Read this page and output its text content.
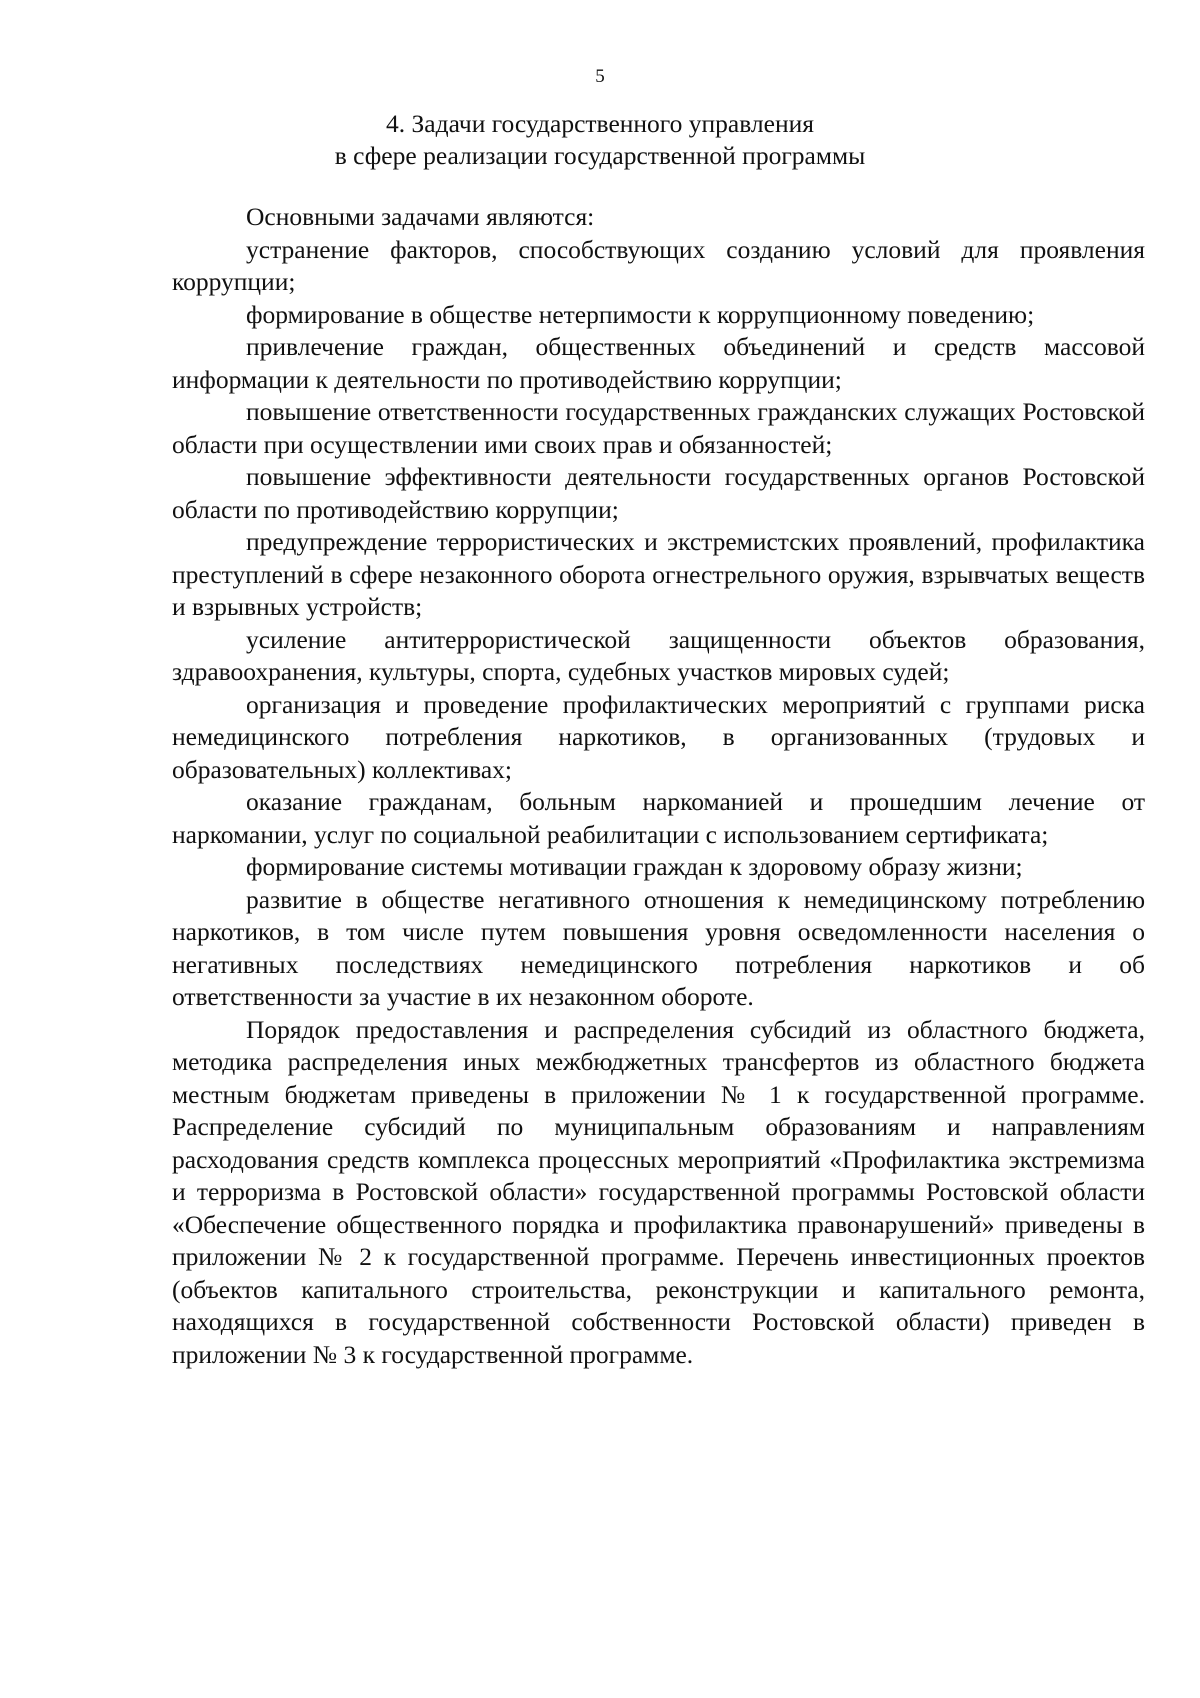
5
4. Задачи государственного управления
в сфере реализации государственной программы

Основными задачами являются:

устранение факторов, способствующих созданию условий для проявления коррупции;

формирование в обществе нетерпимости к коррупционному поведению;

привлечение граждан, общественных объединений и средств массовой информации к деятельности по противодействию коррупции;

повышение ответственности государственных гражданских служащих Ростовской области при осуществлении ими своих прав и обязанностей;

повышение эффективности деятельности государственных органов Ростовской области по противодействию коррупции;

предупреждение террористических и экстремистских проявлений, профилактика преступлений в сфере незаконного оборота огнестрельного оружия, взрывчатых веществ и взрывных устройств;

усиление антитеррористической защищенности объектов образования, здравоохранения, культуры, спорта, судебных участков мировых судей;

организация и проведение профилактических мероприятий с группами риска немедицинского потребления наркотиков, в организованных (трудовых и образовательных) коллективах;

оказание гражданам, больным наркоманией и прошедшим лечение от наркомании, услуг по социальной реабилитации с использованием сертификата;

формирование системы мотивации граждан к здоровому образу жизни;

развитие в обществе негативного отношения к немедицинскому потреблению наркотиков, в том числе путем повышения уровня осведомленности населения о негативных последствиях немедицинского потребления наркотиков и об ответственности за участие в их незаконном обороте.

Порядок предоставления и распределения субсидий из областного бюджета, методика распределения иных межбюджетных трансфертов из областного бюджета местным бюджетам приведены в приложении № 1 к государственной программе. Распределение субсидий по муниципальным образованиям и направлениям расходования средств комплекса процессных мероприятий «Профилактика экстремизма и терроризма в Ростовской области» государственной программы Ростовской области «Обеспечение общественного порядка и профилактика правонарушений» приведены в приложении № 2 к государственной программе. Перечень инвестиционных проектов (объектов капитального строительства, реконструкции и капитального ремонта, находящихся в государственной собственности Ростовской области) приведен в приложении № 3 к государственной программе.
